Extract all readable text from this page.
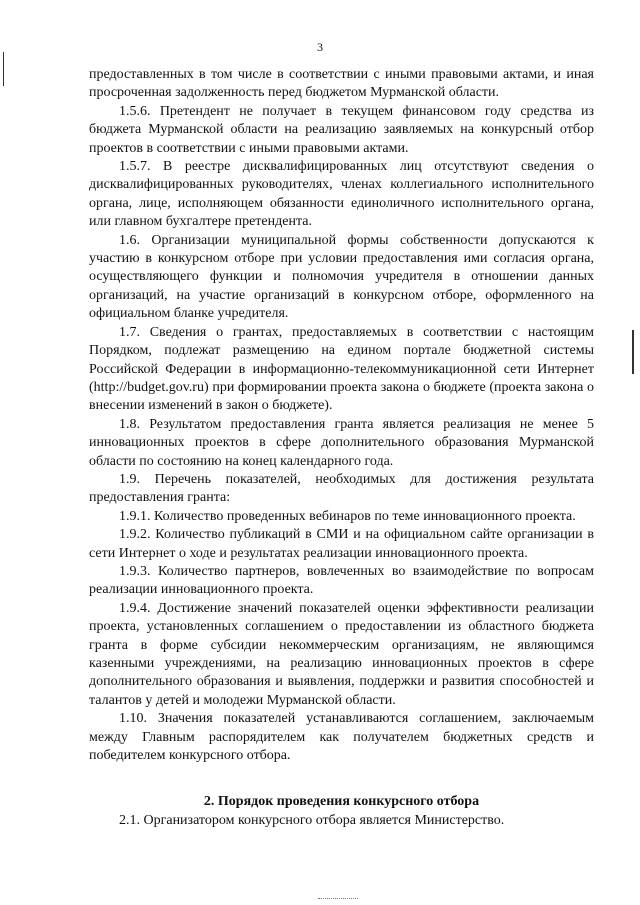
3

предоставленных в том числе в соответствии с иными правовыми актами, и иная просроченная задолженность перед бюджетом Мурманской области.

1.5.6. Претендент не получает в текущем финансовом году средства из бюджета Мурманской области на реализацию заявляемых на конкурсный отбор проектов в соответствии с иными правовыми актами.

1.5.7. В реестре дисквалифицированных лиц отсутствуют сведения о дисквалифицированных руководителях, членах коллегиального исполнительного органа, лице, исполняющем обязанности единоличного исполнительного органа, или главном бухгалтере претендента.

1.6. Организации муниципальной формы собственности допускаются к участию в конкурсном отборе при условии предоставления ими согласия органа, осуществляющего функции и полномочия учредителя в отношении данных организаций, на участие организаций в конкурсном отборе, оформленного на официальном бланке учредителя.

1.7. Сведения о грантах, предоставляемых в соответствии с настоящим Порядком, подлежат размещению на едином портале бюджетной системы Российской Федерации в информационно-телекоммуникационной сети Интернет (http://budget.gov.ru) при формировании проекта закона о бюджете (проекта закона о внесении изменений в закон о бюджете).

1.8. Результатом предоставления гранта является реализация не менее 5 инновационных проектов в сфере дополнительного образования Мурманской области по состоянию на конец календарного года.

1.9. Перечень показателей, необходимых для достижения результата предоставления гранта:

1.9.1. Количество проведенных вебинаров по теме инновационного проекта.

1.9.2. Количество публикаций в СМИ и на официальном сайте организации в сети Интернет о ходе и результатах реализации инновационного проекта.

1.9.3. Количество партнеров, вовлеченных во взаимодействие по вопросам реализации инновационного проекта.

1.9.4. Достижение значений показателей оценки эффективности реализации проекта, установленных соглашением о предоставлении из областного бюджета гранта в форме субсидии некоммерческим организациям, не являющимся казенными учреждениями, на реализацию инновационных проектов в сфере дополнительного образования и выявления, поддержки и развития способностей и талантов у детей и молодежи Мурманской области.

1.10. Значения показателей устанавливаются соглашением, заключаемым между Главным распорядителем как получателем бюджетных средств и победителем конкурсного отбора.

2. Порядок проведения конкурсного отбора

2.1. Организатором конкурсного отбора является Министерство.
